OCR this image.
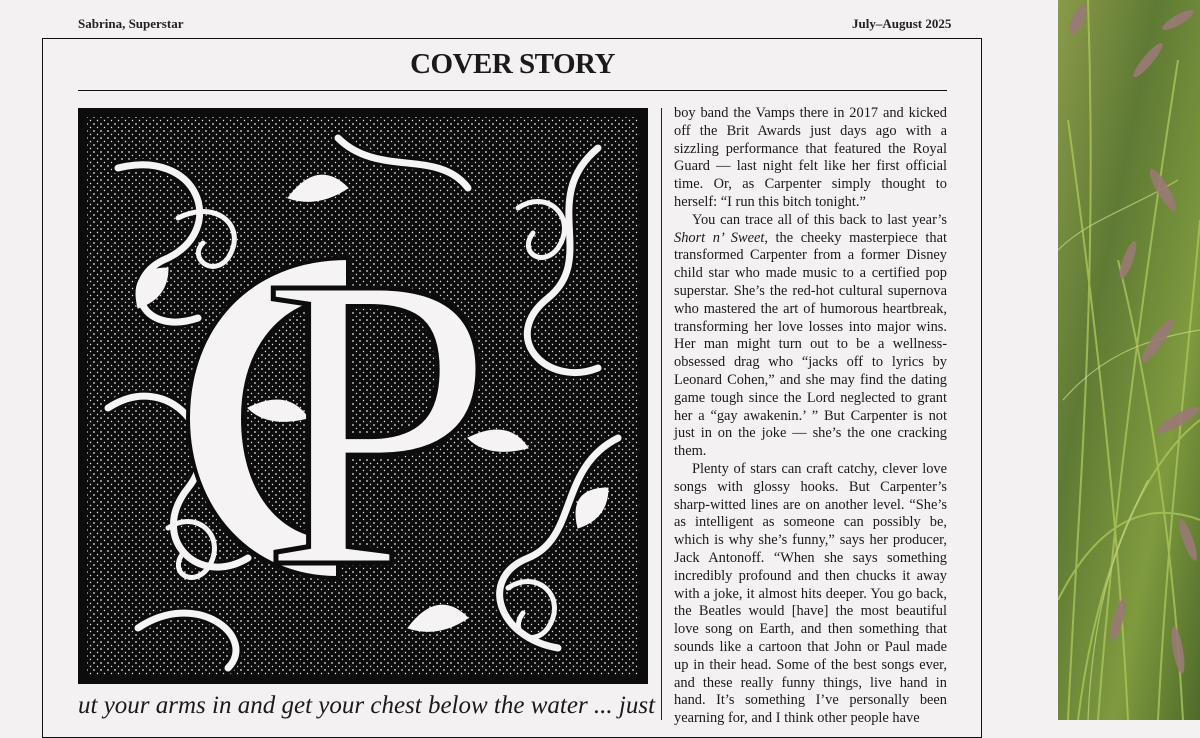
Sabrina, Superstar	July–August 2025
COVER STORY
P

boy band the Vamps there in 2017 and kicked off the Brit Awards just days ago with a sizzling performance that featured the Royal Guard — last night felt like her first official time. Or, as Carpenter simply thought to herself: “I run this bitch tonight.”

You can trace all of this back to last year’s Short n’ Sweet, the cheeky masterpiece that transformed Carpenter from a former Disney child star who made music to a certified pop superstar. She’s the red-hot cultural supernova who mastered the art of humorous heartbreak, transforming her love losses into major wins. Her man might turn out to be a wellness-obsessed drag who “jacks off to lyrics by Leonard Cohen,” and she may find the dating game tough since the Lord neglected to grant her a “gay awakenin.’ ” But Carpenter is not just in on the joke — she’s the one cracking them.

Plenty of stars can craft catchy, clever love songs with glossy hooks. But Carpenter’s sharp-witted lines are on another level. “She’s as intelligent as someone can possibly be, which is why she’s funny,” says her producer, Jack Antonoff. “When she says something incredibly profound and then chucks it away with a joke, it almost hits deeper. You go back, the Beatles would [have] the most beautiful love song on Earth, and then something that sounds like a cartoon that John or Paul made up in their head. Some of the best songs ever, and these really funny things, live hand in hand. It’s something I’ve personally been yearning for, and I think other people have

ut your arms in and get your chest below the water ... just
